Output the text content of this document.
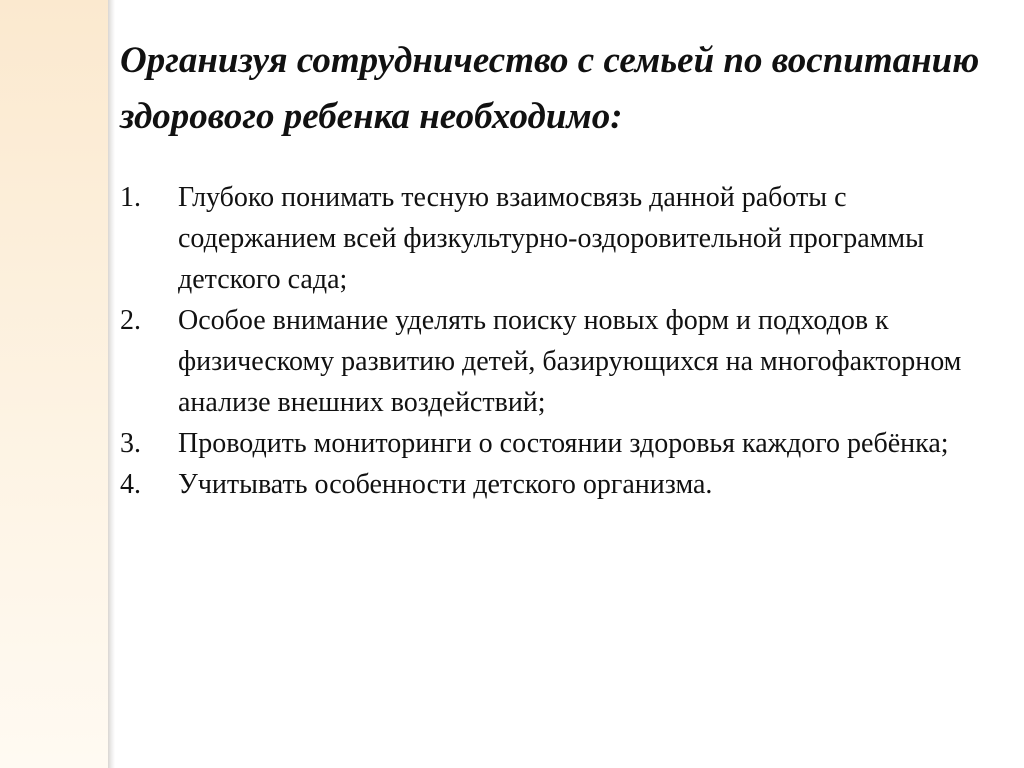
Организуя сотрудничество с семьей по воспитанию здорового ребенка необходимо:
1.	Глубоко понимать тесную взаимосвязь данной работы с содержанием всей физкультурно-оздоровительной программы детского сада;
2.	Особое внимание уделять поиску новых форм и подходов к физическому развитию детей, базирующихся на многофакторном анализе внешних воздействий;
3.	Проводить мониторинги о состоянии здоровья каждого ребёнка;
4.	Учитывать особенности детского организма.
